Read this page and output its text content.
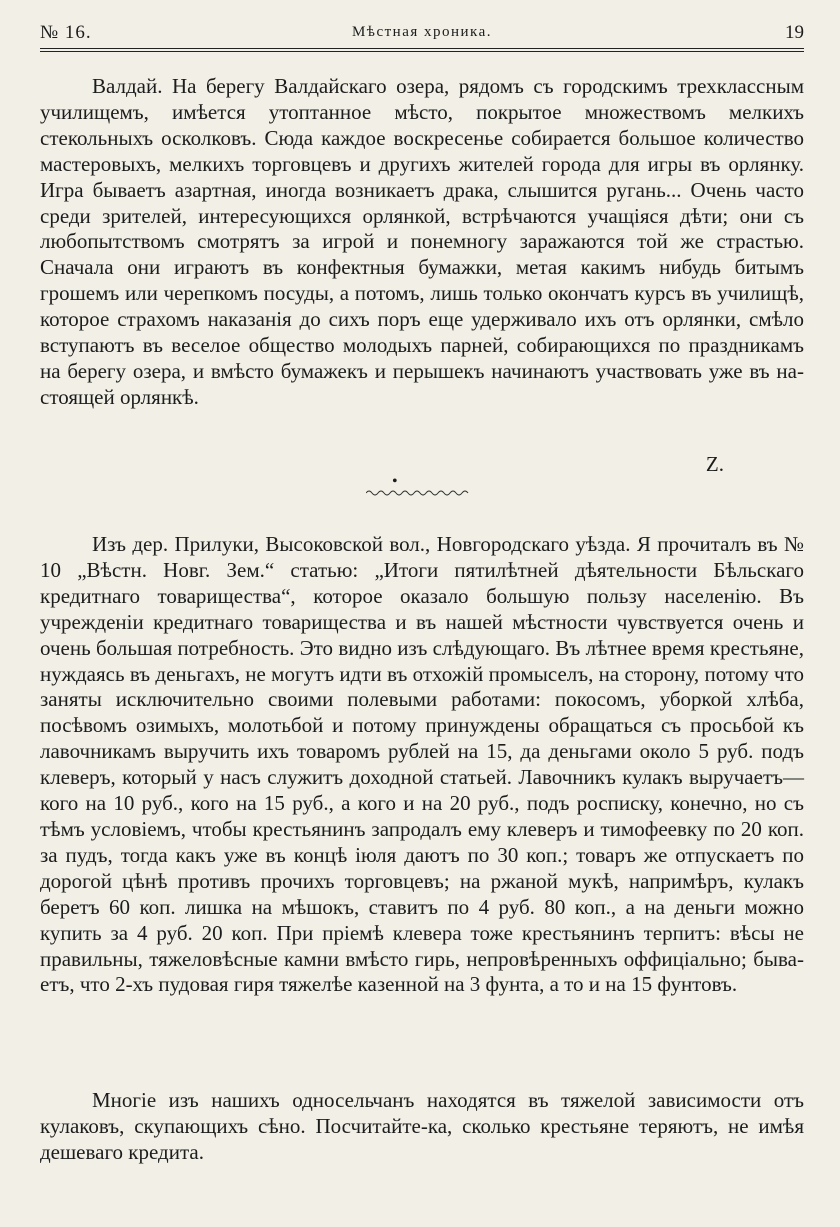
№ 16.	Мѣстная хроника.	19

Валдай. На берегу Валдайскаго озера, рядомъ съ городскимъ трехклассным училищемъ, имѣется утоптанное мѣсто, покрытое множествомъ мелкихъ стекольныхъ осколковъ. Сюда каждое воскресенье собирается большое количество мастеровыхъ, мелкихъ торговцевъ и другихъ жителей города для игры въ орлянку. Игра бываетъ азартная, иногда возникаетъ драка, слышится ругань... Очень часто среди зрителей, интересующихся орлянкой, встрѣчаются учащіяся дѣти; они съ любопытствомъ смотрятъ за игрой и понемногу заражаются той же страстью. Сначала они играютъ въ конфектныя бумажки, метая какимъ нибудь битымъ грошемъ или черепкомъ посуды, а потомъ, лишь только окончатъ курсъ въ училищѣ, которое страхомъ наказанія до сихъ поръ еще удерживало ихъ отъ орлянки, смѣло вступаютъ въ веселое общество молодыхъ парней, собирающихся по праздникамъ на берегу озера, и вмѣсто бумажекъ и перышекъ начинаютъ участвовать уже въ настоящей орлянкѣ.

Z.
•

Изъ дер. Прилуки, Высоковской вол., Новгородскаго уѣзда. Я прочиталъ въ № 10 „Вѣстн. Новг. Зем.“ статью: „Итоги пятилѣтней дѣятельности Бѣльскаго кредитнаго товарищества“, которое оказало большую пользу населенію. Въ учрежденіи кредитнаго товарищества и въ нашей мѣстности чувствуется очень и очень большая потребность. Это видно изъ слѣдующаго. Въ лѣтнее время крестьяне, нуждаясь въ деньгахъ, не могутъ идти въ отхожій промыселъ, на сторону, потому что заняты исключительно своими полевыми работами: покосомъ, уборкой хлѣба, посѣвомъ озимыхъ, молотьбой и потому принуждены обращаться съ просьбой къ лавочникамъ выручить ихъ товаромъ рублей на 15, да деньгами около 5 руб. подъ клеверъ, который у насъ служитъ доходной статьей. Лавочникъ кулакъ выручаетъ—кого на 10 руб., кого на 15 руб., а кого и на 20 руб., подъ роспиcку, конечно, но съ тѣмъ условіемъ, чтобы крестьянинъ запродалъ ему клеверъ и тимофеевку по 20 коп. за пудъ, тогда какъ уже въ концѣ іюля даютъ по 30 коп.; товаръ же отпускаетъ по дорогой цѣнѣ противъ прочихъ торговцевъ; на ржаной мукѣ, напримѣръ, кулакъ беретъ 60 коп. лишка на мѣшокъ, ставитъ по 4 руб. 80 коп., а на деньги можно купить за 4 руб. 20 коп. При пріемѣ клевера тоже крестьянинъ терпитъ: вѣсы не правильны, тяжеловѣсные камни вмѣсто гирь, непровѣренныхъ оффиціально; бываетъ, что 2-хъ пудовая гиря тяжелѣе казенной на 3 фунта, а то и на 15 фунтовъ.

Многіе изъ нашихъ односельчанъ находятся въ тяжелой зависимости отъ кулаковъ, скупающихъ сѣно. Посчитайте-ка, сколько крестьяне теряютъ, не имѣя дешеваго кредита.
